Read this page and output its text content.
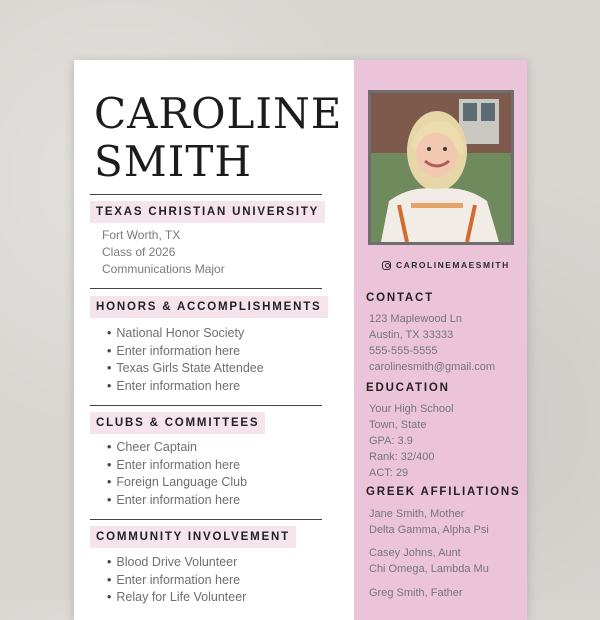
CAROLINE
SMITH
TEXAS CHRISTIAN UNIVERSITY
Fort Worth, TX
Class of 2026
Communications Major
HONORS & ACCOMPLISHMENTS
• National Honor Society
• Enter information here
• Texas Girls State Attendee
• Enter information here
CLUBS & COMMITTEES
• Cheer Captain
• Enter information here
• Foreign Language Club
• Enter information here
COMMUNITY INVOLVEMENT
• Blood Drive Volunteer
• Enter information here
• Relay for Life Volunteer
CAROLINEMAESMITH
CONTACT
123 Maplewood Ln
Austin, TX 33333
555-555-5555
carolinesmith@gmail.com
EDUCATION
Your High School
Town, State
GPA: 3.9
Rank: 32/400
ACT: 29
GREEK AFFILIATIONS
Jane Smith, Mother
Delta Gamma, Alpha Psi
Casey Johns, Aunt
Chi Omega, Lambda Mu
Greg Smith, Father
